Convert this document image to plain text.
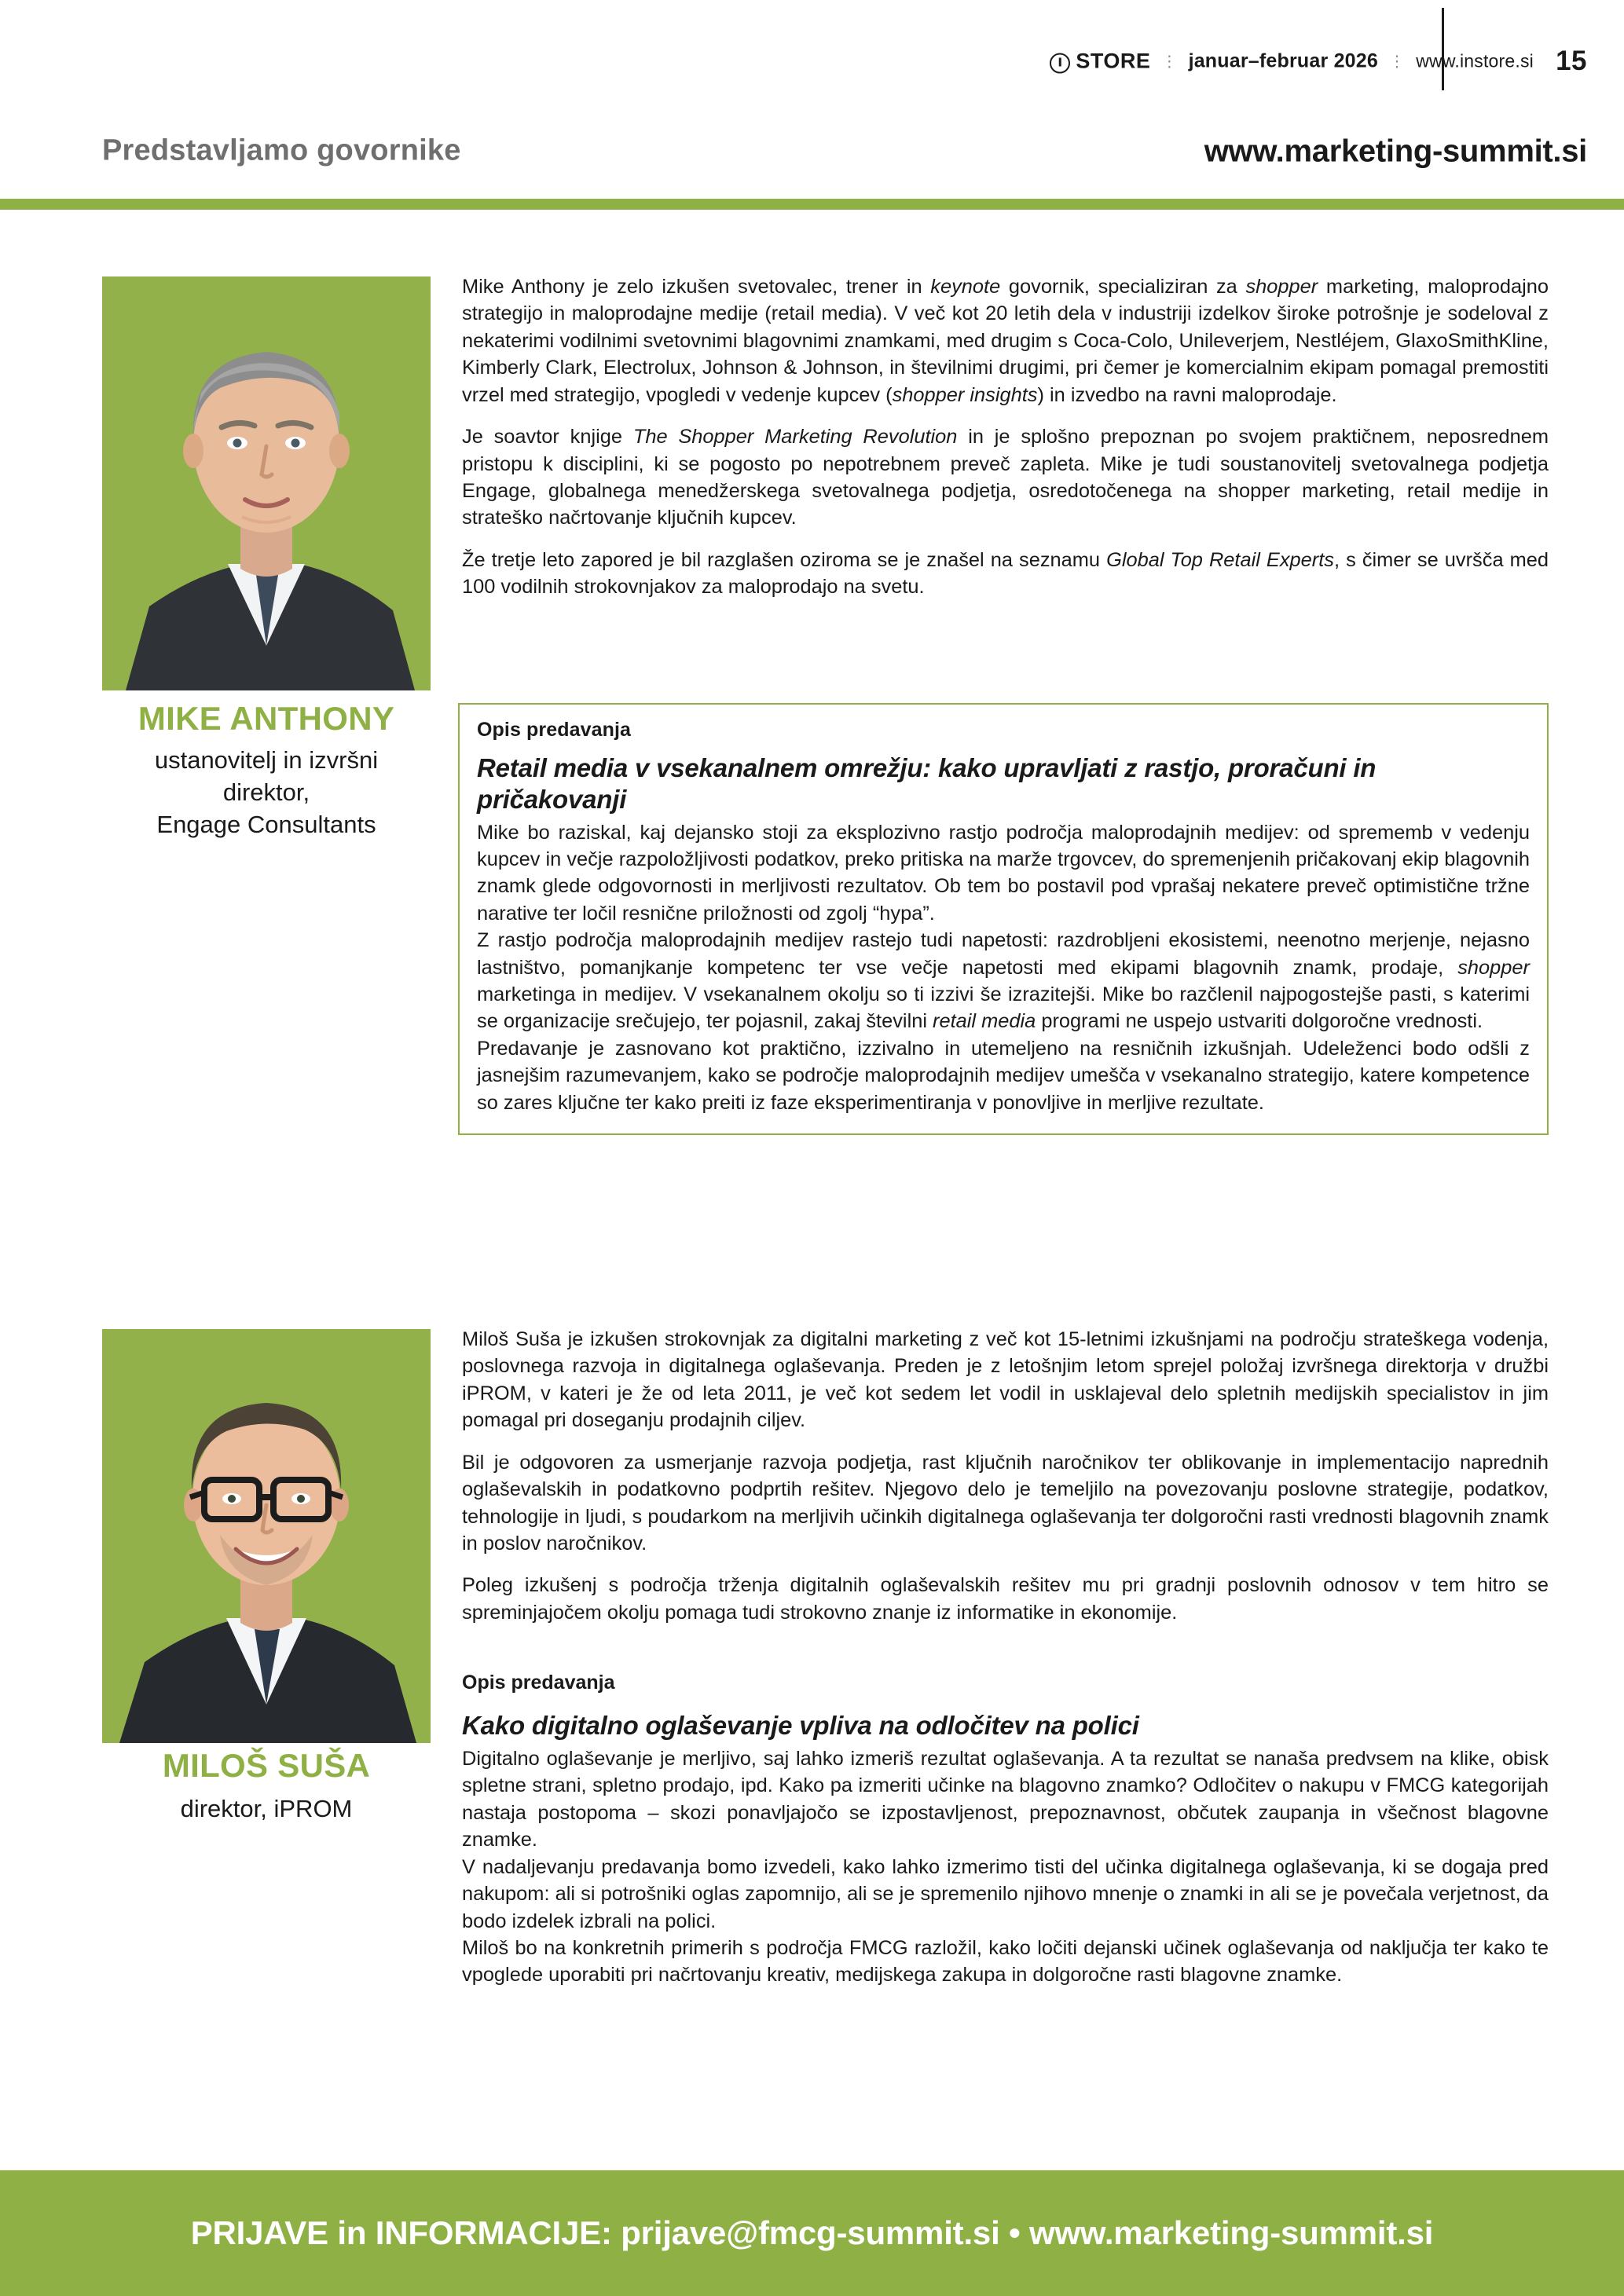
STORE ⋮ januar–februar 2026 ⋮ www.instore.si 15
Predstavljamo govornike	www.marketing-summit.si
MIKE ANTHONY
ustanovitelj in izvršni
direktor,
Engage Consultants

Mike Anthony je zelo izkušen svetovalec, trener in keynote govornik, specializiran za shopper marketing, maloprodajno strategijo in maloprodajne medije (retail media). V več kot 20 letih dela v industriji izdelkov široke potrošnje je sodeloval z nekaterimi vodilnimi svetovnimi blagovnimi znamkami, med drugim s Coca-Colo, Unileverjem, Nestléjem, GlaxoSmithKline, Kimberly Clark, Electrolux, Johnson & Johnson, in številnimi drugimi, pri čemer je komercialnim ekipam pomagal premostiti vrzel med strategijo, vpogledi v vedenje kupcev (shopper insights) in izvedbo na ravni maloprodaje.

Je soavtor knjige The Shopper Marketing Revolution in je splošno prepoznan po svojem praktičnem, neposrednem pristopu k disciplini, ki se pogosto po nepotrebnem preveč zapleta. Mike je tudi soustanovitelj svetovalnega podjetja Engage, globalnega menedžerskega svetovalnega podjetja, osredotočenega na shopper marketing, retail medije in strateško načrtovanje ključnih kupcev.

Že tretje leto zapored je bil razglašen oziroma se je znašel na seznamu Global Top Retail Experts, s čimer se uvršča med 100 vodilnih strokovnjakov za maloprodajo na svetu.

Opis predavanja
Retail media v vsekanalnem omrežju: kako upravljati z rastjo, proračuni in pričakovanji

Mike bo raziskal, kaj dejansko stoji za eksplozivno rastjo področja maloprodajnih medijev: od sprememb v vedenju kupcev in večje razpoložljivosti podatkov, preko pritiska na marže trgovcev, do spremenjenih pričakovanj ekip blagovnih znamk glede odgovornosti in merljivosti rezultatov. Ob tem bo postavil pod vprašaj nekatere preveč optimistične tržne narative ter ločil resnične priložnosti od zgolj “hypa”.

Z rastjo področja maloprodajnih medijev rastejo tudi napetosti: razdrobljeni ekosistemi, neenotno merjenje, nejasno lastništvo, pomanjkanje kompetenc ter vse večje napetosti med ekipami blagovnih znamk, prodaje, shopper marketinga in medijev. V vsekanalnem okolju so ti izzivi še izrazitejši. Mike bo razčlenil najpogostejše pasti, s katerimi se organizacije srečujejo, ter pojasnil, zakaj številni retail media programi ne uspejo ustvariti dolgoročne vrednosti.

Predavanje je zasnovano kot praktično, izzivalno in utemeljeno na resničnih izkušnjah. Udeleženci bodo odšli z jasnejšim razumevanjem, kako se področje maloprodajnih medijev umešča v vsekanalno strategijo, katere kompetence so zares ključne ter kako preiti iz faze eksperimentiranja v ponovljive in merljive rezultate.

MILOŠ SUŠA
direktor, iPROM

Miloš Suša je izkušen strokovnjak za digitalni marketing z več kot 15-letnimi izkušnjami na področju strateškega vodenja, poslovnega razvoja in digitalnega oglaševanja. Preden je z letošnjim letom sprejel položaj izvršnega direktorja v družbi iPROM, v kateri je že od leta 2011, je več kot sedem let vodil in usklajeval delo spletnih medijskih specialistov in jim pomagal pri doseganju prodajnih ciljev.

Bil je odgovoren za usmerjanje razvoja podjetja, rast ključnih naročnikov ter oblikovanje in implementacijo naprednih oglaševalskih in podatkovno podprtih rešitev. Njegovo delo je temeljilo na povezovanju poslovne strategije, podatkov, tehnologije in ljudi, s poudarkom na merljivih učinkih digitalnega oglaševanja ter dolgoročni rasti vrednosti blagovnih znamk in poslov naročnikov.

Poleg izkušenj s področja trženja digitalnih oglaševalskih rešitev mu pri gradnji poslovnih odnosov v tem hitro se spreminjajočem okolju pomaga tudi strokovno znanje iz informatike in ekonomije.

Opis predavanja
Kako digitalno oglaševanje vpliva na odločitev na polici

Digitalno oglaševanje je merljivo, saj lahko izmeriš rezultat oglaševanja. A ta rezultat se nanaša predvsem na klike, obisk spletne strani, spletno prodajo, ipd. Kako pa izmeriti učinke na blagovno znamko? Odločitev o nakupu v FMCG kategorijah nastaja postopoma – skozi ponavljajočo se izpostavljenost, prepoznavnost, občutek zaupanja in všečnost blagovne znamke.

V nadaljevanju predavanja bomo izvedeli, kako lahko izmerimo tisti del učinka digitalnega oglaševanja, ki se dogaja pred nakupom: ali si potrošniki oglas zapomnijo, ali se je spremenilo njihovo mnenje o znamki in ali se je povečala verjetnost, da bodo izdelek izbrali na polici.

Miloš bo na konkretnih primerih s področja FMCG razložil, kako ločiti dejanski učinek oglaševanja od naključja ter kako te vpoglede uporabiti pri načrtovanju kreativ, medijskega zakupa in dolgoročne rasti blagovne znamke.

PRIJAVE in INFORMACIJE: prijave@fmcg-summit.si • www.marketing-summit.si
